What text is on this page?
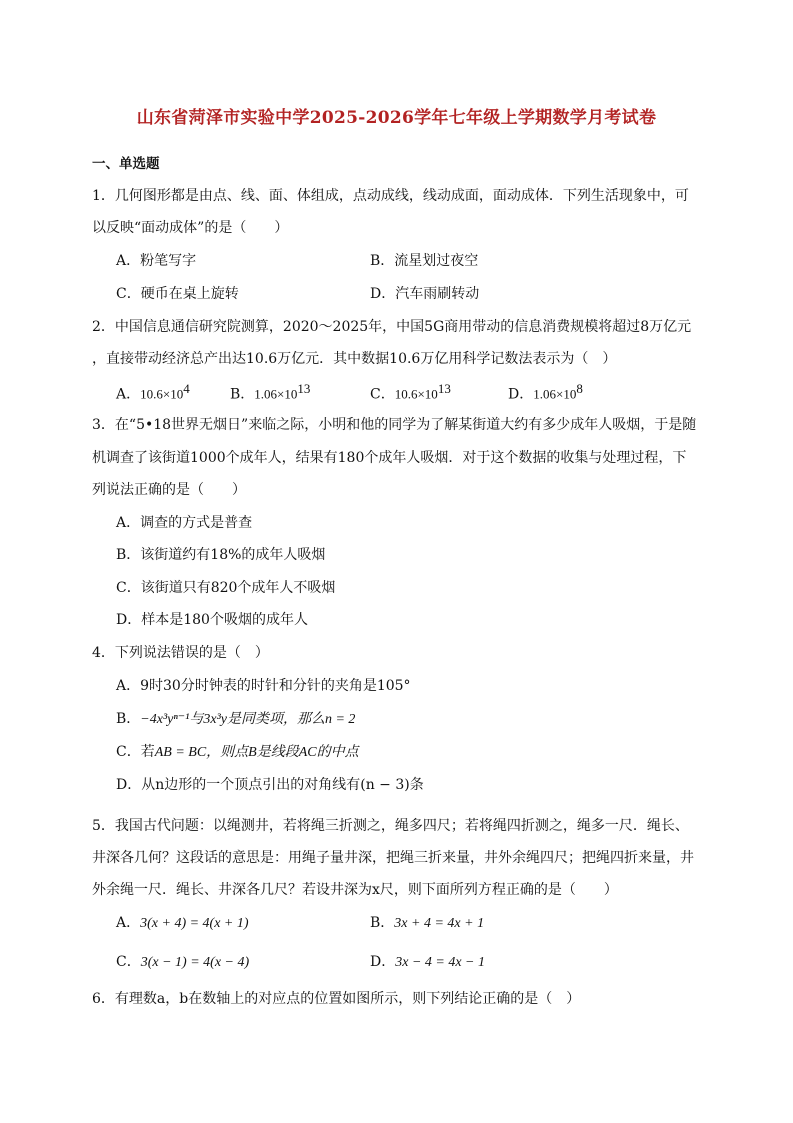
山东省菏泽市实验中学2025-2026学年七年级上学期数学月考试卷
一、单选题
1．几何图形都是由点、线、面、体组成，点动成线，线动成面，面动成体．下列生活现象中，可
以反映“面动成体”的是（　　）
A．粉笔写字	B．流星划过夜空
C．硬币在桌上旋转	D．汽车雨刷转动
2．中国信息通信研究院测算，2020～2025年，中国5G商用带动的信息消费规模将超过8万亿元
，直接带动经济总产出达10.6万亿元．其中数据10.6万亿用科学记数法表示为（　）
A．$10.6\times 10^4$	B．$1.06\times 10^{13}$	C．$10.6\times 10^{13}$	D．$1.06\times 10^8$
3．在“5•18世界无烟日”来临之际，小明和他的同学为了解某街道大约有多少成年人吸烟，于是随
机调查了该街道1000个成年人，结果有180个成年人吸烟．对于这个数据的收集与处理过程，下
列说法正确的是（　　）
A．调查的方式是普查
B．该街道约有18%的成年人吸烟
C．该街道只有820个成年人不吸烟
D．样本是180个吸烟的成年人
4．下列说法错误的是（　）
A．9时30分时钟表的时针和分针的夹角是105°
B．−4x³yⁿ⁻¹与3x³y是同类项，那么n = 2
C．若AB = BC，则点B是线段AC的中点
D．从n边形的一个顶点引出的对角线有(n − 3)条
5．我国古代问题：以绳测井，若将绳三折测之，绳多四尺；若将绳四折测之，绳多一尺．绳长、
井深各几何？这段话的意思是：用绳子量井深，把绳三折来量，井外余绳四尺；把绳四折来量，井
外余绳一尺．绳长、井深各几尺？若设井深为x尺，则下面所列方程正确的是（　　）
A．3(x + 4) = 4(x + 1)	B．3x + 4 = 4x + 1
C．3(x − 1) = 4(x − 4)	D．3x − 4 = 4x − 1
6．有理数a，b在数轴上的对应点的位置如图所示，则下列结论正确的是（　）
